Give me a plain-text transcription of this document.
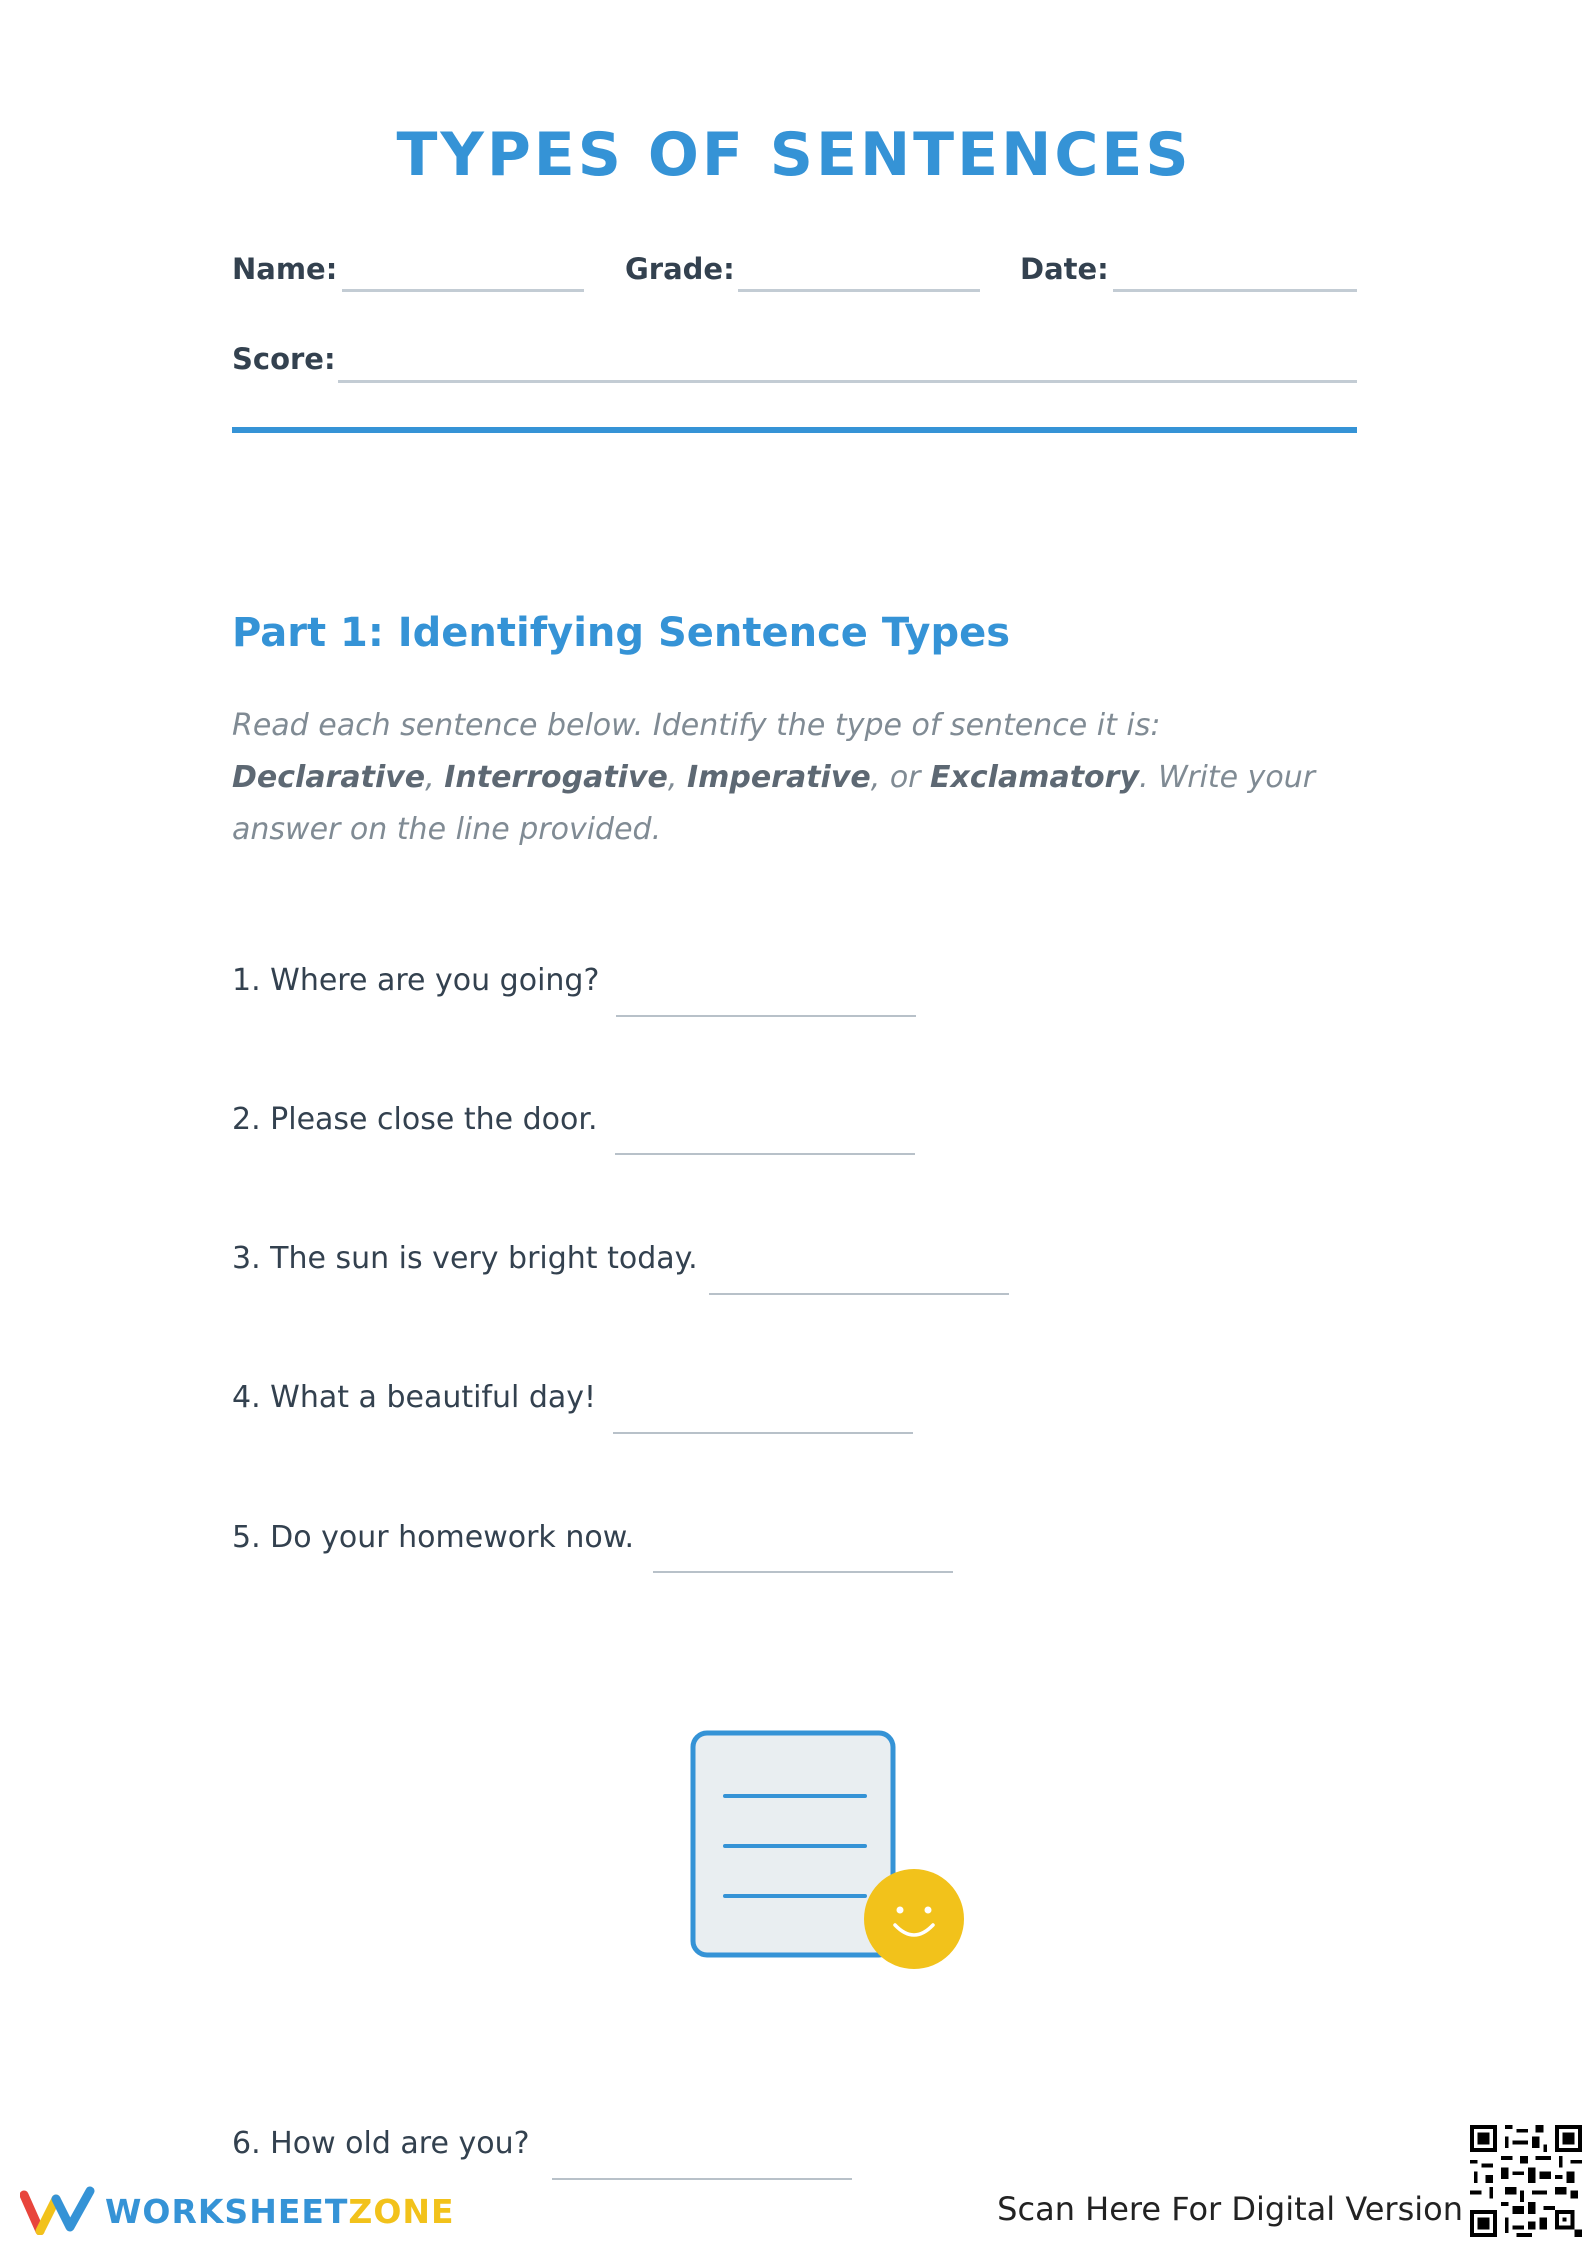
TYPES OF SENTENCES
Name:	Grade:	Date:
Score:
Part 1: Identifying Sentence Types
Read each sentence below. Identify the type of sentence it is: Declarative, Interrogative, Imperative, or Exclamatory. Write your answer on the line provided.
1. Where are you going?
2. Please close the door.
3. The sun is very bright today.
4. What a beautiful day!
5. Do your homework now.
6. How old are you?
WORKSHEETZONE	Scan Here For Digital Version
